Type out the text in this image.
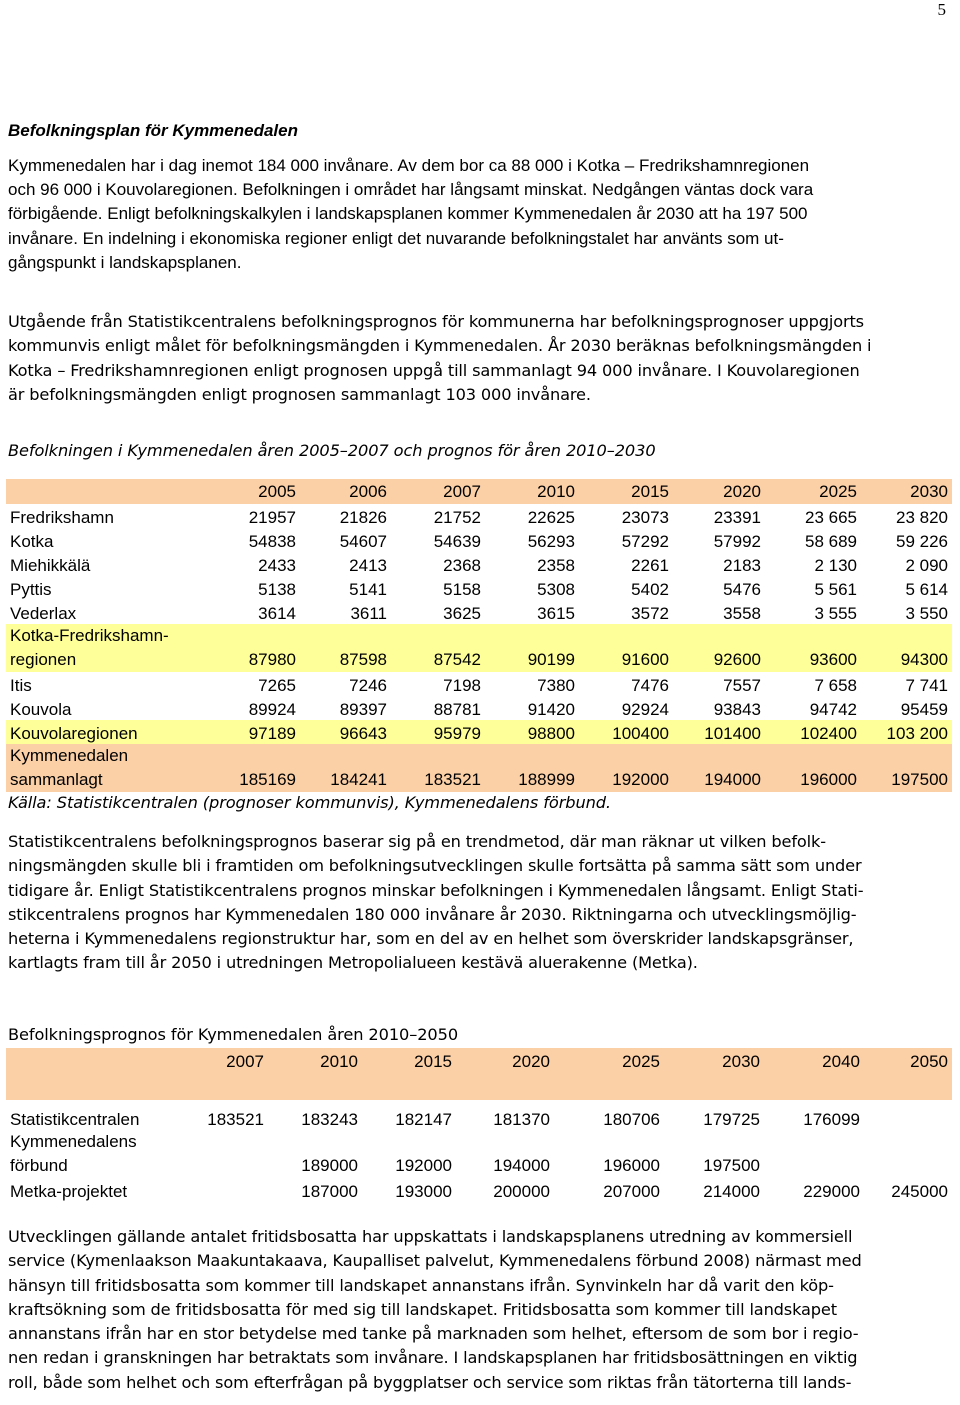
5
Befolkningsplan för Kymmenedalen
Kymmenedalen har i dag inemot 184 000 invånare. Av dem bor ca 88 000 i Kotka – Fredrikshamnregionen
och 96 000 i Kouvolaregionen. Befolkningen i området har långsamt minskat. Nedgången väntas dock vara
förbigående. Enligt befolkningskalkylen i landskapsplanen kommer Kymmenedalen år 2030 att ha 197 500
invånare. En indelning i ekonomiska regioner enligt det nuvarande befolkningstalet har använts som ut-
gångspunkt i landskapsplanen.
Utgående från Statistikcentralens befolkningsprognos för kommunerna har befolkningsprognoser uppgjorts
kommunvis enligt målet för befolkningsmängden i Kymmenedalen. År 2030 beräknas befolkningsmängden i
Kotka – Fredrikshamnregionen enligt prognosen uppgå till sammanlagt 94 000 invånare. I Kouvolaregionen
är befolkningsmängden enligt prognosen sammanlagt 103 000 invånare.
Befolkningen i Kymmenedalen åren 2005–2007 och prognos för åren 2010–2030
	2005	2006	2007	2010	2015	2020	2025	2030

Fredrikshamn	21957	21826	21752	22625	23073	23391	23 665	23 820

Kotka	54838	54607	54639	56293	57292	57992	58 689	59 226

Miehikkälä	2433	2413	2368	2358	2261	2183	2 130	2 090

Pyttis	5138	5141	5158	5308	5402	5476	5 561	5 614

Vederlax	3614	3611	3625	3615	3572	3558	3 555	3 550

Kotka-Fredrikshamn-
regionen	87980	87598	87542	90199	91600	92600	93600	94300

Itis	7265	7246	7198	7380	7476	7557	7 658	7 741

Kouvola	89924	89397	88781	91420	92924	93843	94742	95459

Kouvolaregionen	97189	96643	95979	98800	100400	101400	102400	103 200

Kymmenedalen
sammanlagt	185169	184241	183521	188999	192000	194000	196000	197500
Källa: Statistikcentralen (prognoser kommunvis), Kymmenedalens förbund.
Statistikcentralens befolkningsprognos baserar sig på en trendmetod, där man räknar ut vilken befolk-
ningsmängden skulle bli i framtiden om befolkningsutvecklingen skulle fortsätta på samma sätt som under
tidigare år. Enligt Statistikcentralens prognos minskar befolkningen i Kymmenedalen långsamt. Enligt Stati-
stikcentralens prognos har Kymmenedalen 180 000 invånare år 2030. Riktningarna och utvecklingsmöjlig-
heterna i Kymmenedalens regionstruktur har, som en del av en helhet som överskrider landskapsgränser,
kartlagts fram till år 2050 i utredningen Metropolialueen kestävä aluerakenne (Metka).
Befolkningsprognos för Kymmenedalen åren 2010–2050
	2007	2010	2015	2020	2025	2030	2040	2050

Statistikcentralen	183521	183243	182147	181370	180706	179725	176099	

Kymmenedalens
förbund		189000	192000	194000	196000	197500		

Metka-projektet		187000	193000	200000	207000	214000	229000	245000
Utvecklingen gällande antalet fritidsbosatta har uppskattats i landskapsplanens utredning av kommersiell
service (Kymenlaakson Maakuntakaava, Kaupalliset palvelut, Kymmenedalens förbund 2008) närmast med
hänsyn till fritidsbosatta som kommer till landskapet annanstans ifrån. Synvinkeln har då varit den köp-
kraftsökning som de fritidsbosatta för med sig till landskapet. Fritidsbosatta som kommer till landskapet
annanstans ifrån har en stor betydelse med tanke på marknaden som helhet, eftersom de som bor i regio-
nen redan i granskningen har betraktats som invånare. I landskapsplanen har fritidsbosättningen en viktig
roll, både som helhet och som efterfrågan på byggplatser och service som riktas från tätorterna till lands-
